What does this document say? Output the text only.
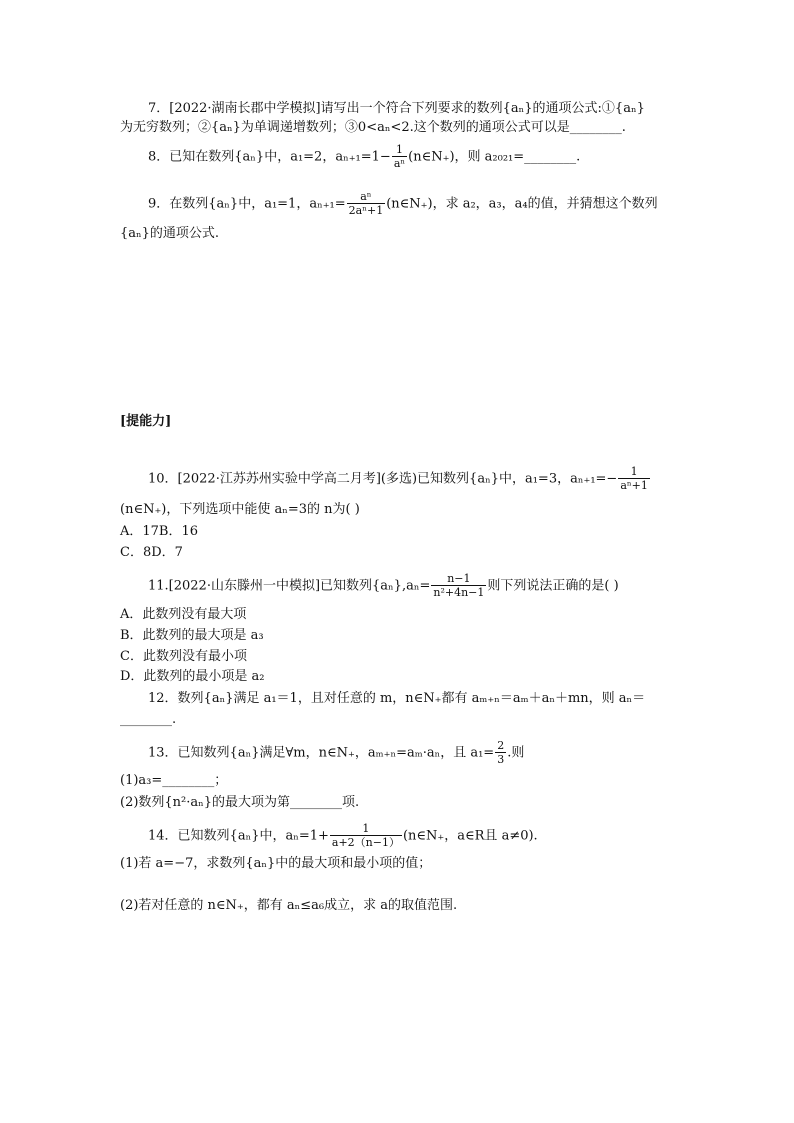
7．[2022·湖南长郡中学模拟]请写出一个符合下列要求的数列{aₙ}的通项公式:①{aₙ}
为无穷数列；②{aₙ}为单调递增数列；③0<aₙ<2.这个数列的通项公式可以是________.
8．已知在数列{aₙ}中，a₁=2，$a_{n+1}=1- \frac{1}{\text{aⁿ}}$ (n∈N₊)，则 a₂₀₂₁=________.
9．在数列{aₙ}中，a₁=1，$a_{n+1}= \frac{\text{aⁿ}}{\text{2aⁿ+1}}$ (n∈N₊)，求 a₂，a₃，a₄的值，并猜想这个数列
{aₙ}的通项公式.
[提能力]
10．[2022·江苏苏州实验中学高二月考](多选)已知数列{aₙ}中，a₁=3，$a_{n+1}=- \frac{1}{\text{aⁿ+1}}$
(n∈N₊)，下列选项中能使 aₙ=3的 n为( )
A．17B．16
C．8D．7
11.[2022·山东滕州一中模拟]已知数列$\{a_n\},a_n= \frac{n-1}{\text{n²+4n−1}}$ 则下列说法正确的是( )
A．此数列没有最大项
B．此数列的最大项是 a₃
C．此数列没有最小项
D．此数列的最小项是 a₂
12．数列{aₙ}满足 a₁＝1，且对任意的 m，n∈N₊都有 aₘ₊ₙ＝aₘ＋aₙ＋mn，则 aₙ＝
________.
13．已知数列{aₙ}满足∀m，n∈N₊，aₘ₊ₙ=aₘ·aₙ，且 $a_1= \frac{2}{3}$ .则
(1)a₃=________；
(2)数列{n²·aₙ}的最大项为第________项.
14．已知数列{aₙ}中，$a_n=1+ \frac{1}{a+2(n-1)}$ (n∈N₊，a∈R且 a≠0).
(1)若 a=−7，求数列{aₙ}中的最大项和最小项的值；
(2)若对任意的 n∈N₊，都有 aₙ≤a₆成立，求 a的取值范围.
